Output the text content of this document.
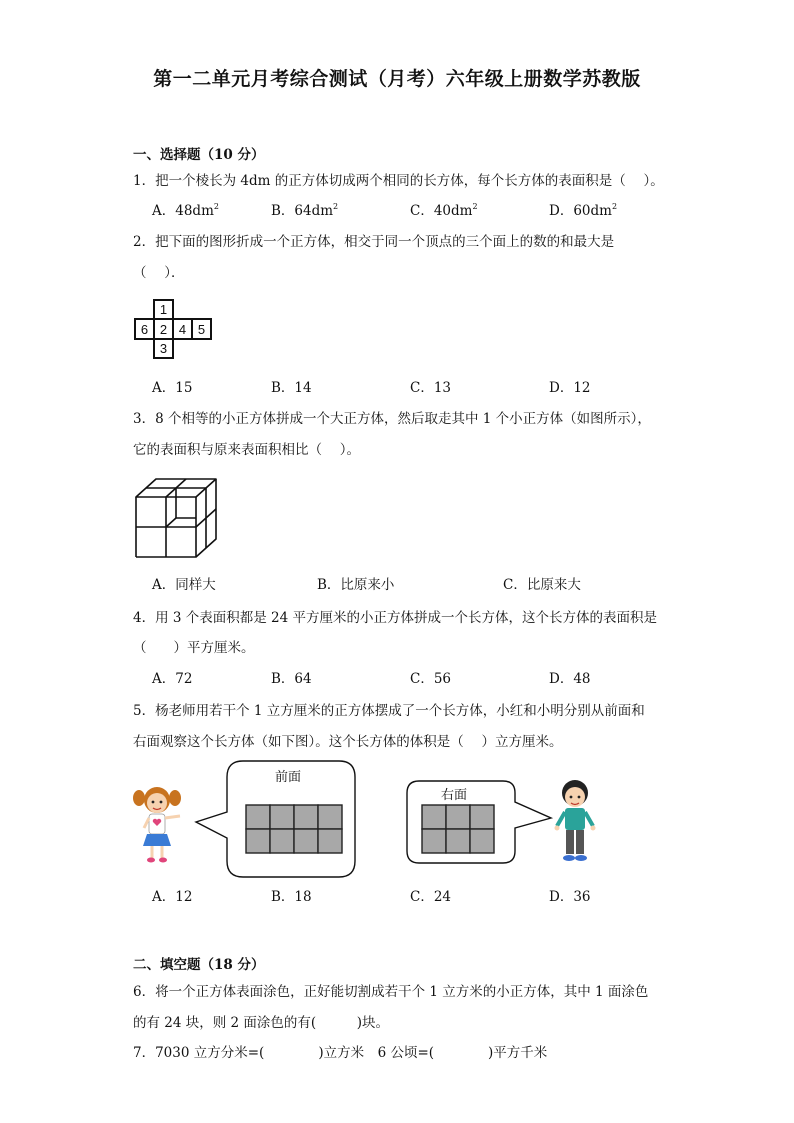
第一二单元月考综合测试（月考）六年级上册数学苏教版
一、选择题（10 分）
1．把一个棱长为 4dm 的正方体切成两个相同的长方体，每个长方体的表面积是（　 ）。
A．$48dm^2$	B．$64dm^2$	C．$40dm^2$	D．$60dm^2$
2．把下面的图形折成一个正方体，相交于同一个顶点的三个面上的数的和最大是
（　 ）．
1
6 2 4 5
3
A．15	B．14	C．13	D．12
3．8 个相等的小正方体拼成一个大正方体，然后取走其中 1 个小正方体（如图所示），
它的表面积与原来表面积相比（　 ）。
A．同样大	B．比原来小	C．比原来大
4．用 3 个表面积都是 24 平方厘米的小正方体拼成一个长方体，这个长方体的表面积是
（　　）平方厘米。
A．72	B．64	C．56	D．48
5．杨老师用若干个 1 立方厘米的正方体摆成了一个长方体，小红和小明分别从前面和
右面观察这个长方体（如下图）。这个长方体的体积是（　 ）立方厘米。
前面
右面
A．12	B．18	C．24	D．36
二、填空题（18 分）
6．将一个正方体表面涂色，正好能切割成若干个 1 立方米的小正方体，其中 1 面涂色
的有 24 块，则 2 面涂色的有(　　　)块。
7．7030 立方分米=(　　　　)立方米　6 公顷=(　　　　)平方千米
